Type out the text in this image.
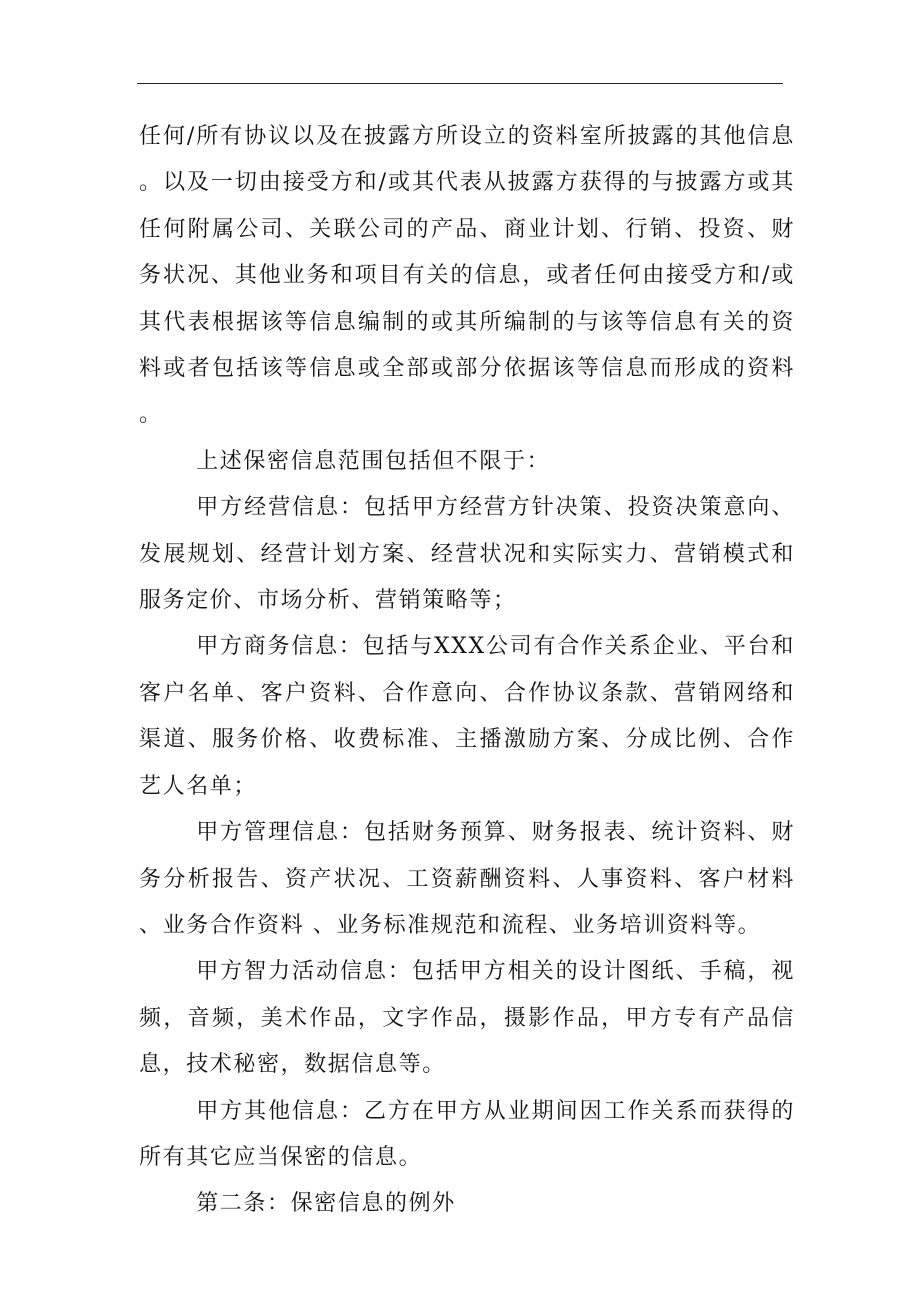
任何/所有协议以及在披露方所设立的资料室所披露的其他信息。以及一切由接受方和/或其代表从披露方获得的与披露方或其任何附属公司、关联公司的产品、商业计划、行销、投资、财务状况、其他业务和项目有关的信息，或者任何由接受方和/或其代表根据该等信息编制的或其所编制的与该等信息有关的资料或者包括该等信息或全部或部分依据该等信息而形成的资料。

上述保密信息范围包括但不限于：

甲方经营信息：包括甲方经营方针决策、投资决策意向、发展规划、经营计划方案、经营状况和实际实力、营销模式和服务定价、市场分析、营销策略等；

甲方商务信息：包括与XXX公司有合作关系企业、平台和客户名单、客户资料、合作意向、合作协议条款、营销网络和渠道、服务价格、收费标准、主播激励方案、分成比例、合作艺人名单；

甲方管理信息：包括财务预算、财务报表、统计资料、财务分析报告、资产状况、工资薪酬资料、人事资料、客户材料、业务合作资料 、业务标准规范和流程、业务培训资料等。

甲方智力活动信息：包括甲方相关的设计图纸、手稿，视频，音频，美术作品，文字作品，摄影作品，甲方专有产品信息，技术秘密，数据信息等。

甲方其他信息：乙方在甲方从业期间因工作关系而获得的所有其它应当保密的信息。

第二条：保密信息的例外
